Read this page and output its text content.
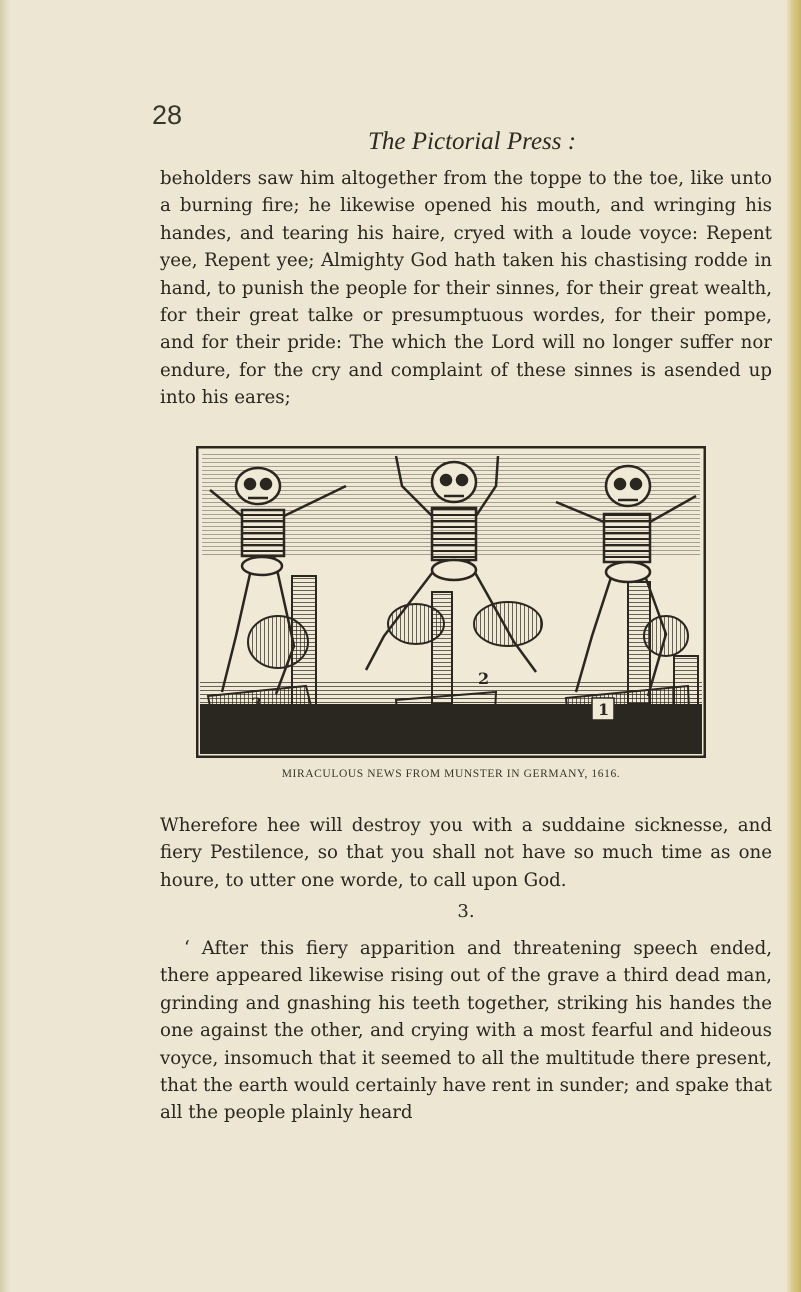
28
The Pictorial Press :

beholders saw him altogether from the toppe to the toe, like unto a burning fire; he likewise opened his mouth, and wringing his handes, and tearing his haire, cryed with a loude voyce: Repent yee, Repent yee; Almighty God hath taken his chastising rodde in hand, to punish the people for their sinnes, for their great wealth, for their great talke or presumptuous wordes, for their pompe, and for their pride: The which the Lord will no longer suffer nor endure, for the cry and complaint of these sinnes is asended up into his eares;

3
2
1
MIRACULOUS NEWS FROM MUNSTER IN GERMANY, 1616.

Wherefore hee will destroy you with a suddaine sicknesse, and fiery Pestilence, so that you shall not have so much time as one houre, to utter one worde, to call upon God.

3.

‘ After this fiery apparition and threatening speech ended, there appeared likewise rising out of the grave a third dead man, grinding and gnashing his teeth together, striking his handes the one against the other, and crying with a most fearful and hideous voyce, insomuch that it seemed to all the multitude there present, that the earth would certainly have rent in sunder; and spake that all the people plainly heard
